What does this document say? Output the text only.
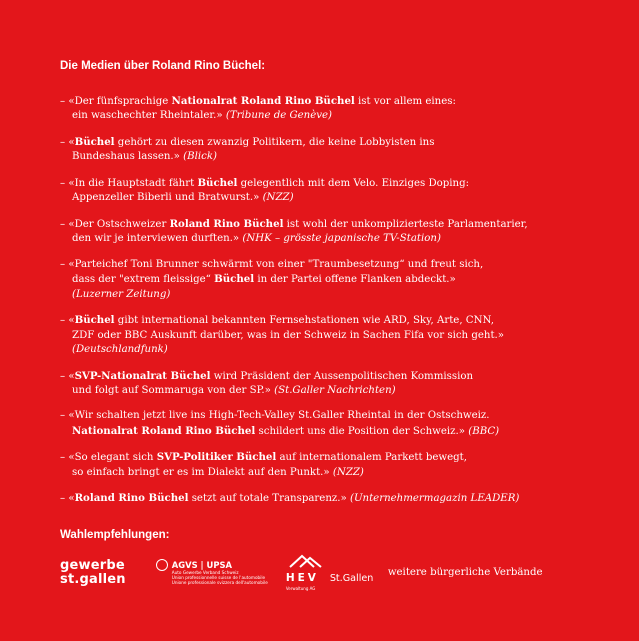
Die Medien über Roland Rino Büchel:
– «Der fünfsprachige Nationalrat Roland Rino Büchel ist vor allem eines:
ein waschechter Rheintaler.» (Tribune de Genève)
– «Büchel gehört zu diesen zwanzig Politikern, die keine Lobbyisten ins
Bundeshaus lassen.» (Blick)
– «In die Hauptstadt fährt Büchel gelegentlich mit dem Velo. Einziges Doping:
Appenzeller Biberli und Bratwurst.» (NZZ)
– «Der Ostschweizer Roland Rino Büchel ist wohl der unkomplizierteste Parlamentarier,
den wir je interviewen durften.» (NHK – grösste japanische TV-Station)
– «Parteichef Toni Brunner schwärmt von einer "Traumbesetzung“ und freut sich,
dass der "extrem fleissige“ Büchel in der Partei offene Flanken abdeckt.»
(Luzerner Zeitung)
– «Büchel gibt international bekannten Fernsehstationen wie ARD, Sky, Arte, CNN,
ZDF oder BBC Auskunft darüber, was in der Schweiz in Sachen Fifa vor sich geht.»
(Deutschlandfunk)
– «SVP-Nationalrat Büchel wird Präsident der Aussenpolitischen Kommission
und folgt auf Sommaruga von der SP.» (St.Galler Nachrichten)
– «Wir schalten jetzt live ins High-Tech-Valley St.Galler Rheintal in der Ostschweiz.
Nationalrat Roland Rino Büchel schildert uns die Position der Schweiz.» (BBC)
– «So elegant sich SVP-Politiker Büchel auf internationalem Parkett bewegt,
so einfach bringt er es im Dialekt auf den Punkt.» (NZZ)
– «Roland Rino Büchel setzt auf totale Transparenz.» (Unternehmermagazin LEADER)
Wahlempfehlungen:
gewerbe
st.gallen
AGVS | UPSA
Auto Gewerbe Verband Schweiz
Union professionnelle suisse de l'automobile
Unione professionale svizzera dell'automobile HEV St.Gallen
Verwaltung AG
weitere bürgerliche Verbände
